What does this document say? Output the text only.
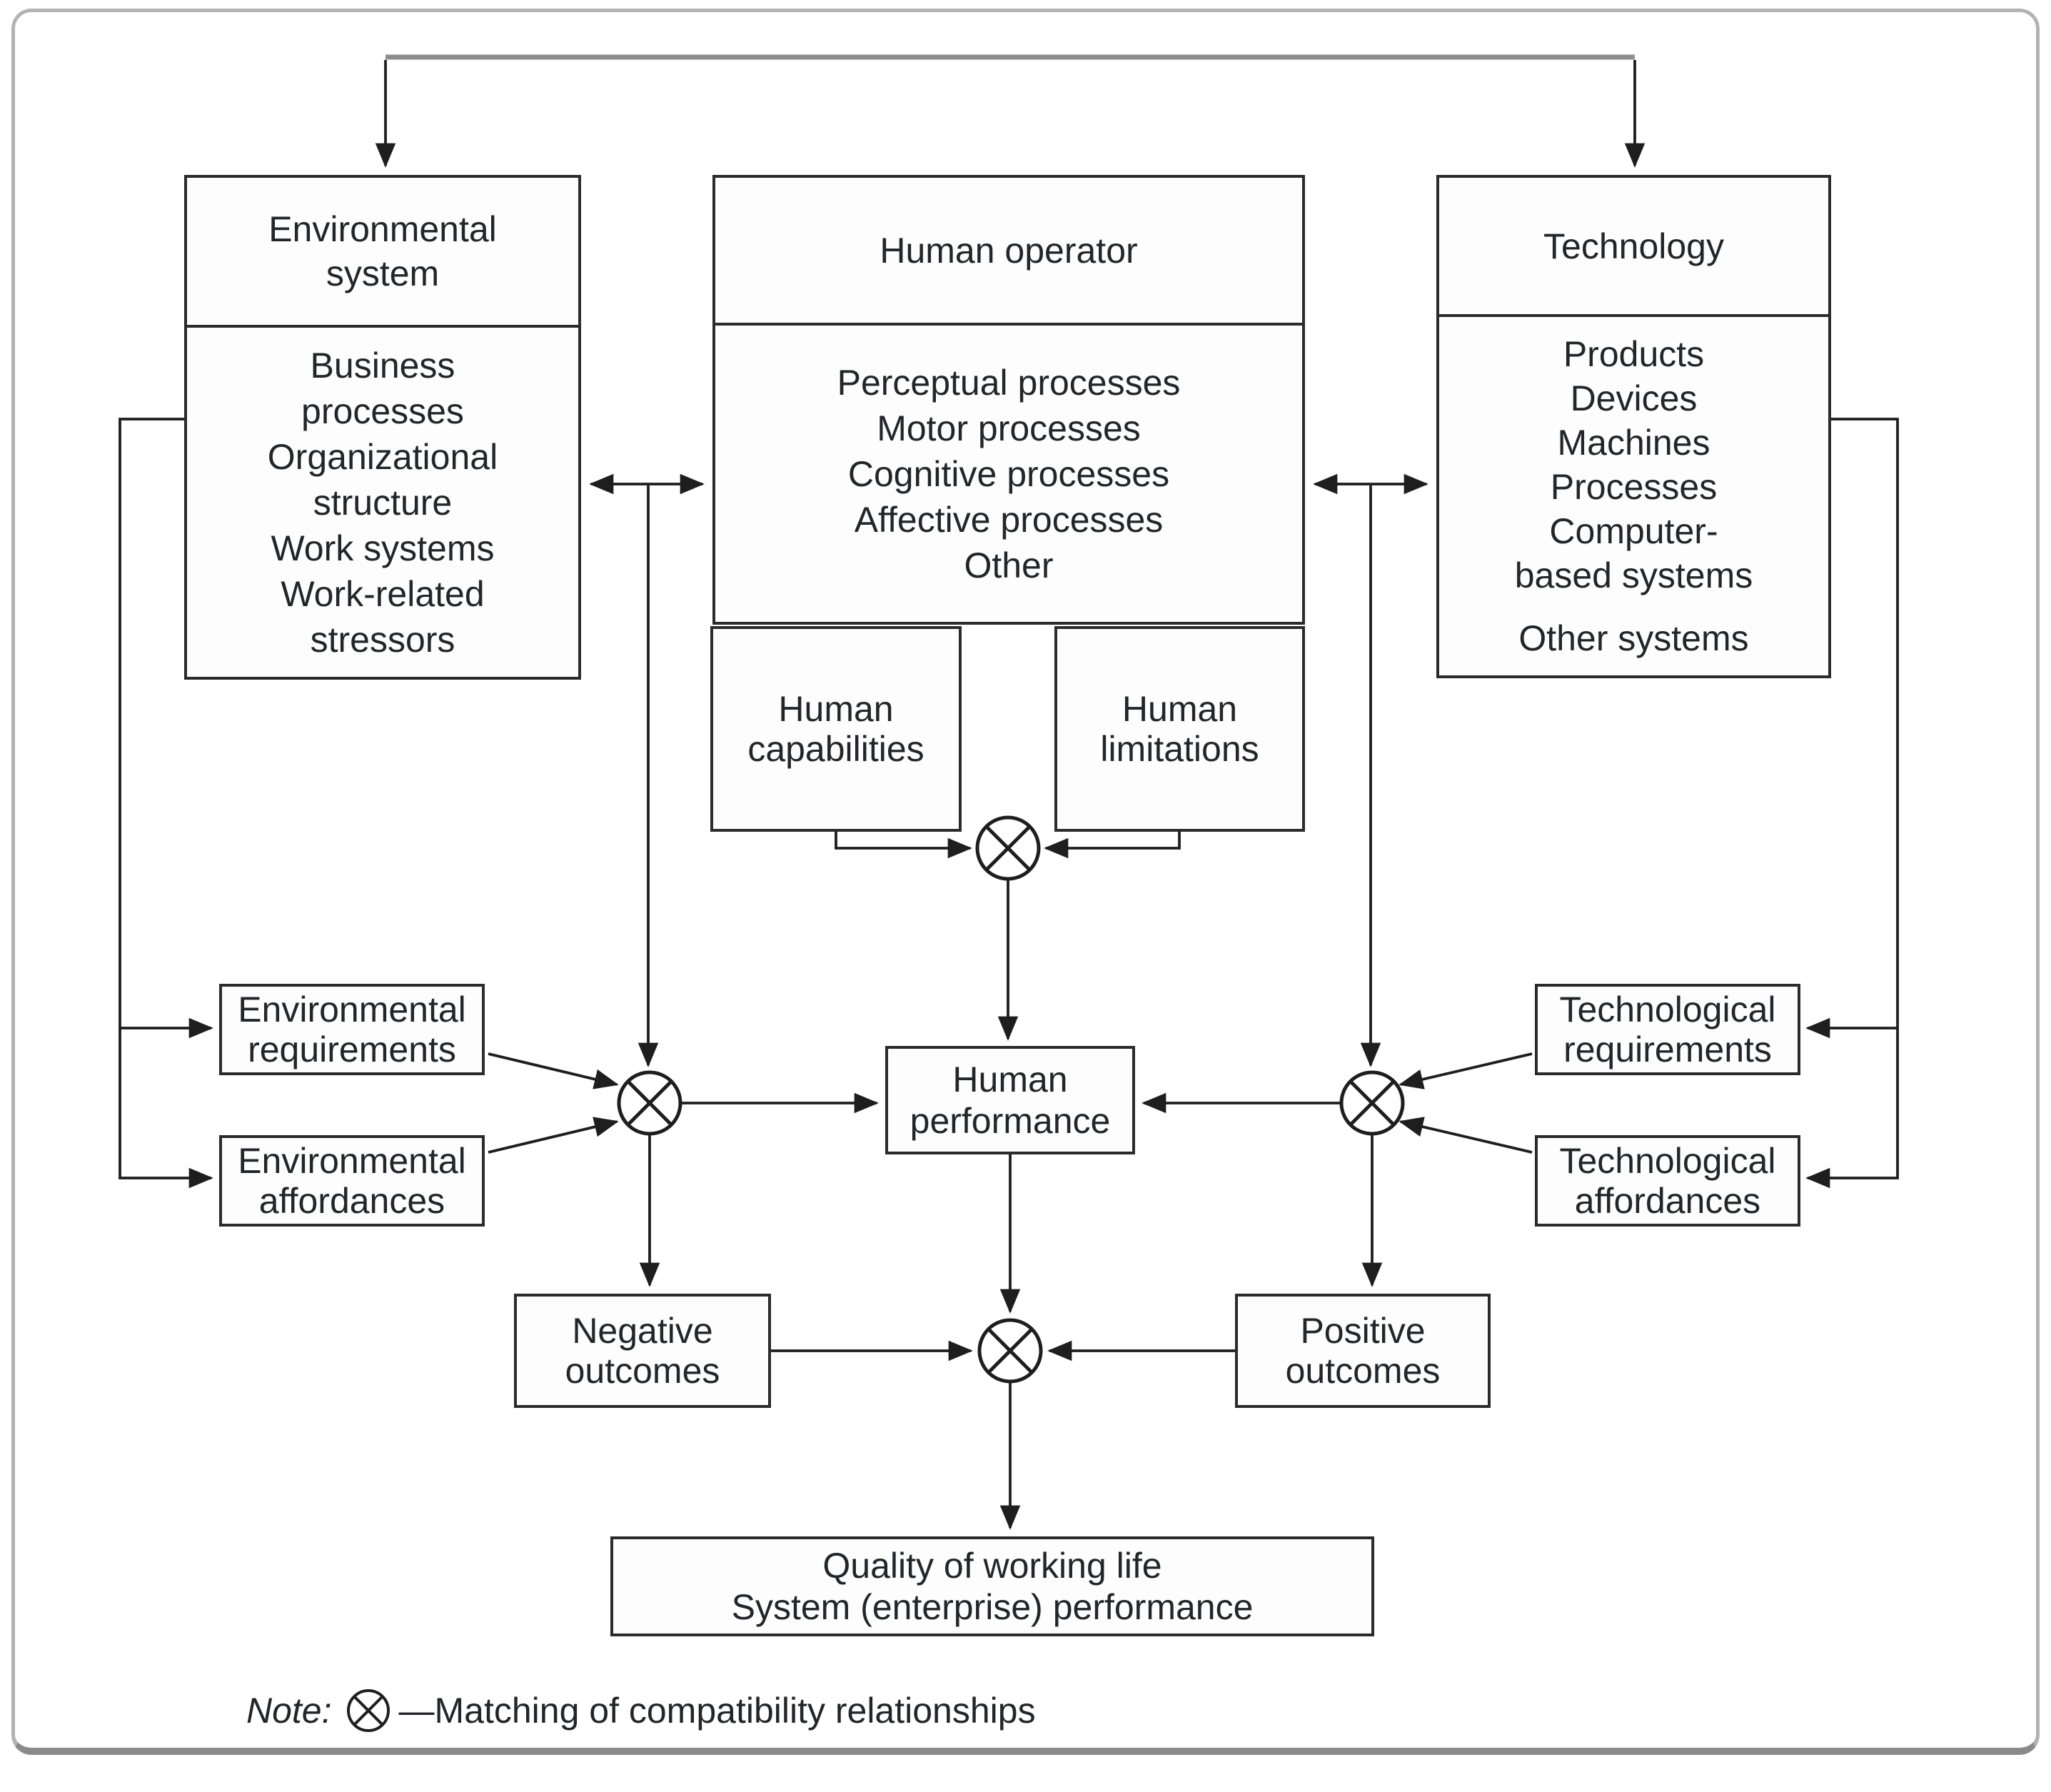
Environmental system
Business processes
Organizational structure
Work systems
Work-related stressors
Human operator
Perceptual processes
Motor processes
Cognitive processes
Affective processes
Other
Technology
Products
Devices
Machines
Processes
Computer-based systems
Other systems
Human capabilities
Human limitations
Environmental requirements
Environmental affordances
Technological requirements
Technological affordances
Human performance
Negative outcomes
Positive outcomes
Quality of working life
System (enterprise) performance
Note: —Matching of compatibility relationships
